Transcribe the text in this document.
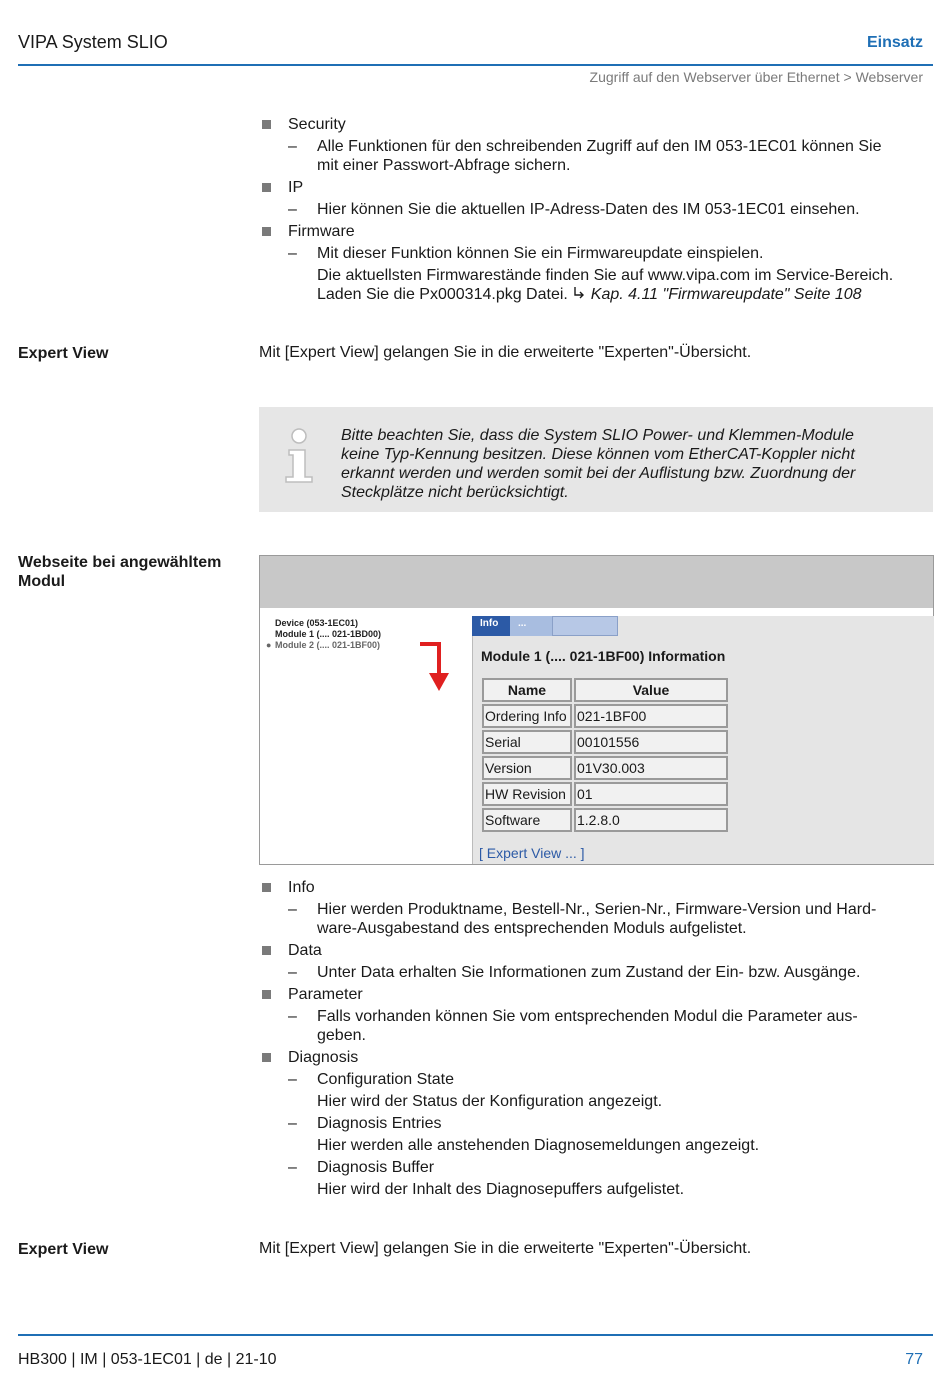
VIPA System SLIO	Einsatz
Zugriff auf den Webserver über Ethernet > Webserver
Security
– Alle Funktionen für den schreibenden Zugriff auf den IM 053-1EC01 können Sie
mit einer Passwort-Abfrage sichern.
IP
– Hier können Sie die aktuellen IP-Adress-Daten des IM 053-1EC01 einsehen.
Firmware
– Mit dieser Funktion können Sie ein Firmwareupdate einspielen.
Die aktuellsten Firmwarestände finden Sie auf www.vipa.com im Service-Bereich.
Laden Sie die Px000314.pkg Datei. Kap. 4.11 "Firmwareupdate" Seite 108
Expert View	Mit [Expert View] gelangen Sie in die erweiterte "Experten"-Übersicht.
Bitte beachten Sie, dass die System SLIO Power- und Klemmen-Module
keine Typ-Kennung besitzen. Diese können vom EtherCAT-Koppler nicht
erkannt werden und werden somit bei der Auflistung bzw. Zuordnung der
Steckplätze nicht berücksichtigt.
Webseite bei angewähltem
Modul
Device (053-1EC01)
Module 1 (.... 021-1BD00)
● Module 2 (.... 021-1BF00)
Info	...
Module 1 (.... 021-1BF00) Information
Name	Value
Ordering Info	021-1BF00
Serial	00101556
Version	01V30.003
HW Revision	01
Software	1.2.8.0
[ Expert View ... ]
Info
– Hier werden Produktname, Bestell-Nr., Serien-Nr., Firmware-Version und Hard-
ware-Ausgabestand des entsprechenden Moduls aufgelistet.
Data
– Unter Data erhalten Sie Informationen zum Zustand der Ein- bzw. Ausgänge.
Parameter
– Falls vorhanden können Sie vom entsprechenden Modul die Parameter aus-
geben.
Diagnosis
– Configuration State
Hier wird der Status der Konfiguration angezeigt.
– Diagnosis Entries
Hier werden alle anstehenden Diagnosemeldungen angezeigt.
– Diagnosis Buffer
Hier wird der Inhalt des Diagnosepuffers aufgelistet.
Expert View	Mit [Expert View] gelangen Sie in die erweiterte "Experten"-Übersicht.
HB300 | IM | 053-1EC01 | de | 21-10	77
